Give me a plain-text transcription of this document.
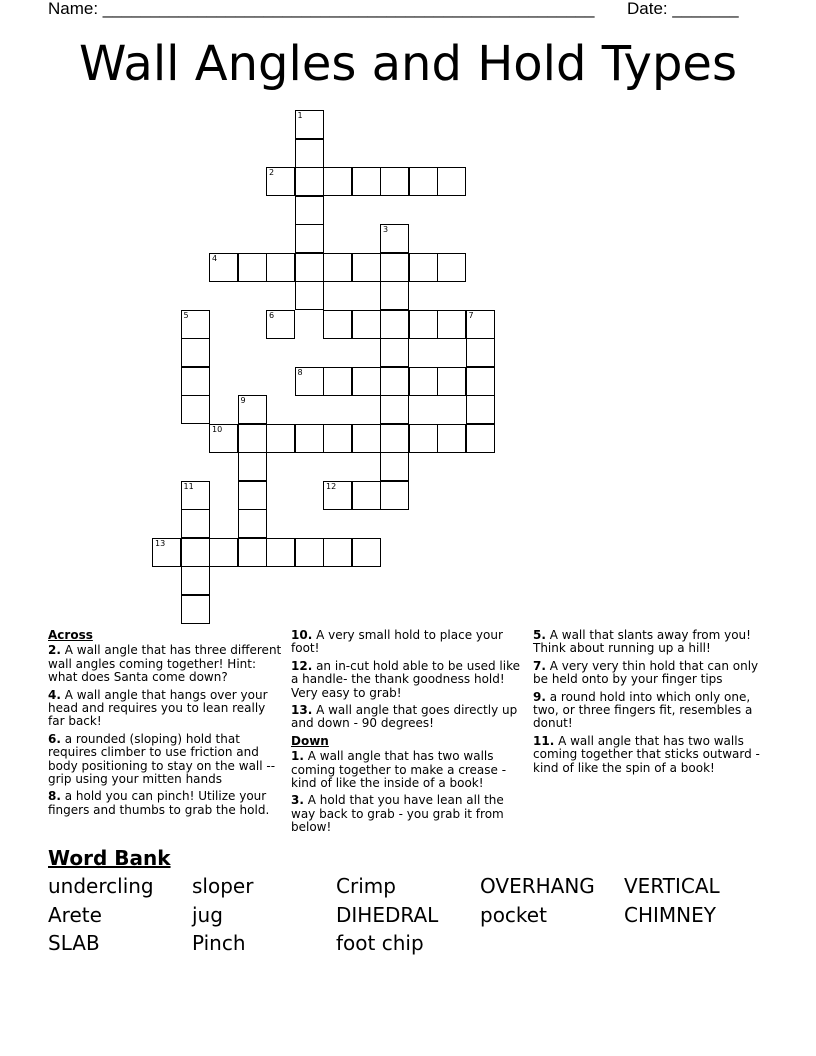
Name: ____________________________________________________ Date: _______
Wall Angles and Hold Types
1
2
3
4
5	6	7
9
10
11	12
13
8
Across
2. A wall angle that has three different wall angles coming together! Hint: what does Santa come down?
4. A wall angle that hangs over your head and requires you to lean really far back!
6. a rounded (sloping) hold that requires climber to use friction and body positioning to stay on the wall --grip using your mitten hands
8. a hold you can pinch! Utilize your fingers and thumbs to grab the hold.
10. A very small hold to place your foot!
12. an in-cut hold able to be used like a handle- the thank goodness hold! Very easy to grab!
13. A wall angle that goes directly up and down - 90 degrees!
Down
1. A wall angle that has two walls coming together to make a crease - kind of like the inside of a book!
3. A hold that you have lean all the way back to grab - you grab it from below!
5. A wall that slants away from you! Think about running up a hill!
7. A very very thin hold that can only be held onto by your finger tips
9. a round hold into which only one, two, or three fingers fit, resembles a donut!
11. A wall angle that has two walls coming together that sticks outward - kind of like the spin of a book!
Word Bank
undercling sloper	Crimp	OVERHANG VERTICAL
Arete	jug	DIHEDRAL pocket	CHIMNEY
SLAB	Pinch	foot chip
